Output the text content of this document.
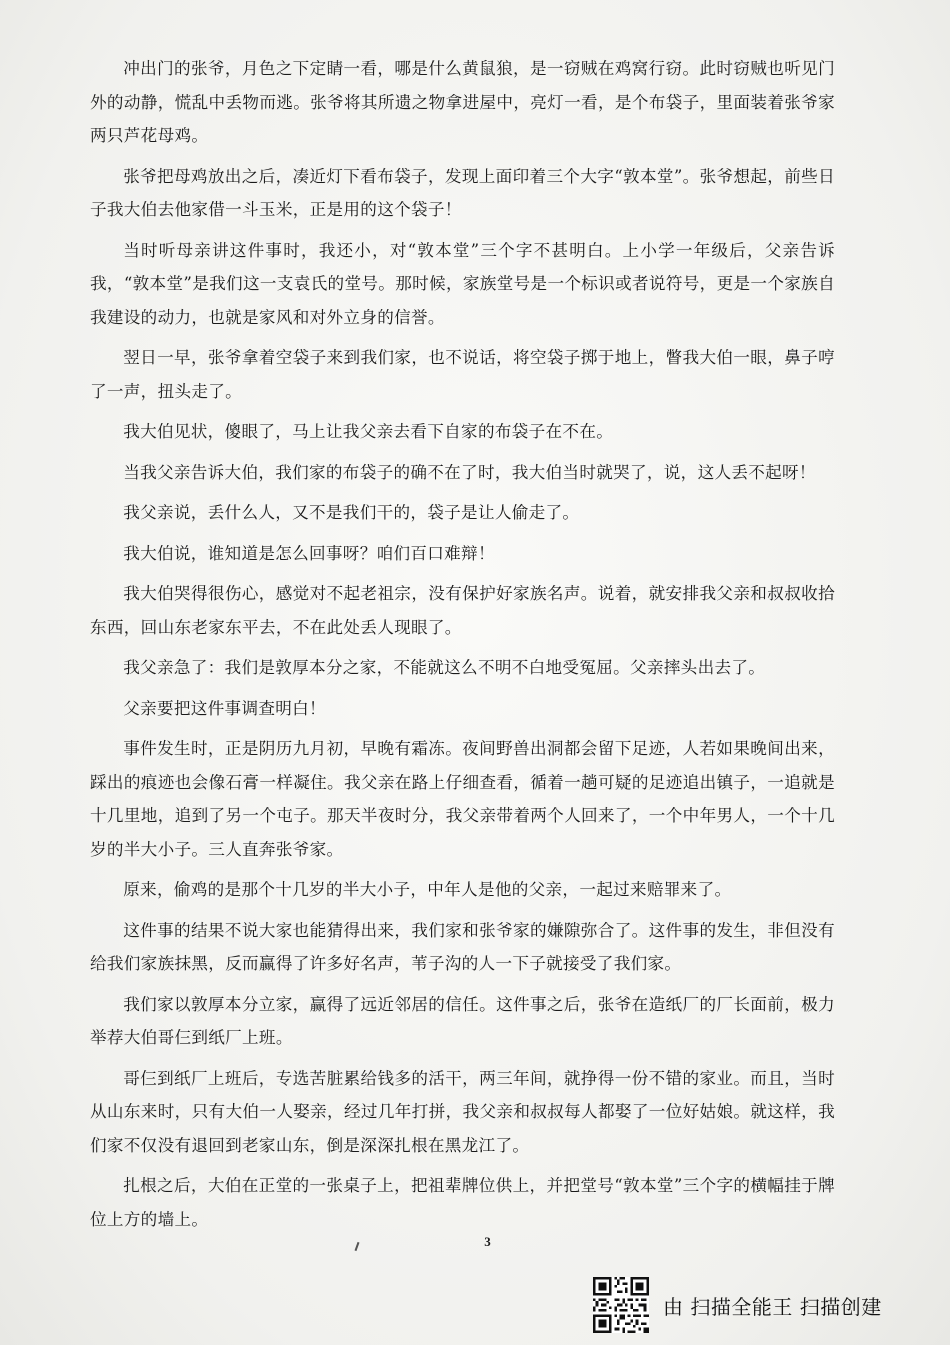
冲出门的张爷，月色之下定睛一看，哪是什么黄鼠狼，是一窃贼在鸡窝行窃。此时窃贼也听见门外的动静，慌乱中丢物而逃。张爷将其所遗之物拿进屋中，亮灯一看，是个布袋子，里面装着张爷家两只芦花母鸡。

张爷把母鸡放出之后，凑近灯下看布袋子，发现上面印着三个大字“敦本堂”。张爷想起，前些日子我大伯去他家借一斗玉米，正是用的这个袋子！

当时听母亲讲这件事时，我还小，对“敦本堂”三个字不甚明白。上小学一年级后，父亲告诉我，“敦本堂”是我们这一支袁氏的堂号。那时候，家族堂号是一个标识或者说符号，更是一个家族自我建设的动力，也就是家风和对外立身的信誉。

翌日一早，张爷拿着空袋子来到我们家，也不说话，将空袋子掷于地上，瞥我大伯一眼，鼻子哼了一声，扭头走了。

我大伯见状，傻眼了，马上让我父亲去看下自家的布袋子在不在。

当我父亲告诉大伯，我们家的布袋子的确不在了时，我大伯当时就哭了，说，这人丢不起呀！

我父亲说，丢什么人，又不是我们干的，袋子是让人偷走了。

我大伯说，谁知道是怎么回事呀？咱们百口难辩！

我大伯哭得很伤心，感觉对不起老祖宗，没有保护好家族名声。说着，就安排我父亲和叔叔收拾东西，回山东老家东平去，不在此处丢人现眼了。

我父亲急了：我们是敦厚本分之家，不能就这么不明不白地受冤屈。父亲摔头出去了。

父亲要把这件事调查明白！

事件发生时，正是阴历九月初，早晚有霜冻。夜间野兽出洞都会留下足迹，人若如果晚间出来，踩出的痕迹也会像石膏一样凝住。我父亲在路上仔细查看，循着一趟可疑的足迹追出镇子，一追就是十几里地，追到了另一个屯子。那天半夜时分，我父亲带着两个人回来了，一个中年男人，一个十几岁的半大小子。三人直奔张爷家。

原来，偷鸡的是那个十几岁的半大小子，中年人是他的父亲，一起过来赔罪来了。

这件事的结果不说大家也能猜得出来，我们家和张爷家的嫌隙弥合了。这件事的发生，非但没有给我们家族抹黑，反而赢得了许多好名声，苇子沟的人一下子就接受了我们家。

我们家以敦厚本分立家，赢得了远近邻居的信任。这件事之后，张爷在造纸厂的厂长面前，极力举荐大伯哥仨到纸厂上班。

哥仨到纸厂上班后，专选苦脏累给钱多的活干，两三年间，就挣得一份不错的家业。而且，当时从山东来时，只有大伯一人娶亲，经过几年打拼，我父亲和叔叔每人都娶了一位好姑娘。就这样，我们家不仅没有退回到老家山东，倒是深深扎根在黑龙江了。

扎根之后，大伯在正堂的一张桌子上，把祖辈牌位供上，并把堂号“敦本堂”三个字的横幅挂于牌位上方的墙上。

3
由 扫描全能王 扫描创建
